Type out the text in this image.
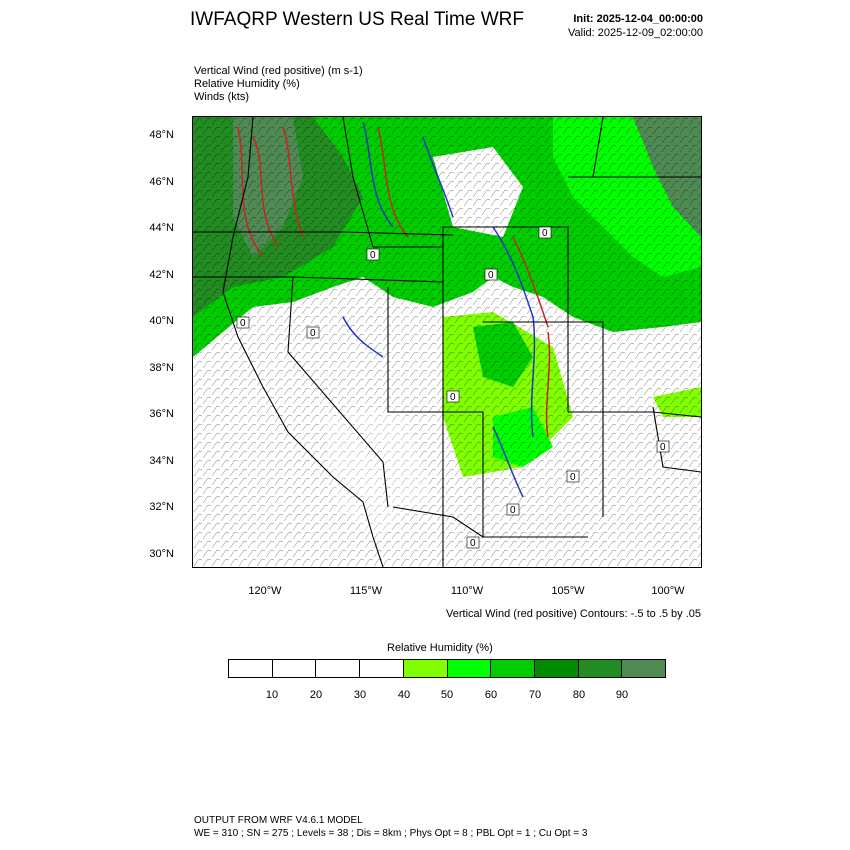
IWFAQRP Western US Real Time WRF	Init: 2025-12-04_00:00:00
Valid: 2025-12-09_02:00:00
Vertical Wind (red positive) (m s-1)
Relative Humidity (%)
Winds (kts)
0
0
0
0
0
0
0
0
0
0
48°N
46°N
44°N
42°N
40°N
38°N
36°N
34°N
32°N
30°N
120°W	115°W	110°W	105°W	100°W
Vertical Wind (red positive) Contours: -.5 to .5 by .05
Relative Humidity (%)
10	20	30	40	50	60	70	80	90
OUTPUT FROM WRF V4.6.1 MODEL
WE = 310 ; SN = 275 ; Levels = 38 ; Dis = 8km ; Phys Opt = 8 ; PBL Opt = 1 ; Cu Opt = 3
